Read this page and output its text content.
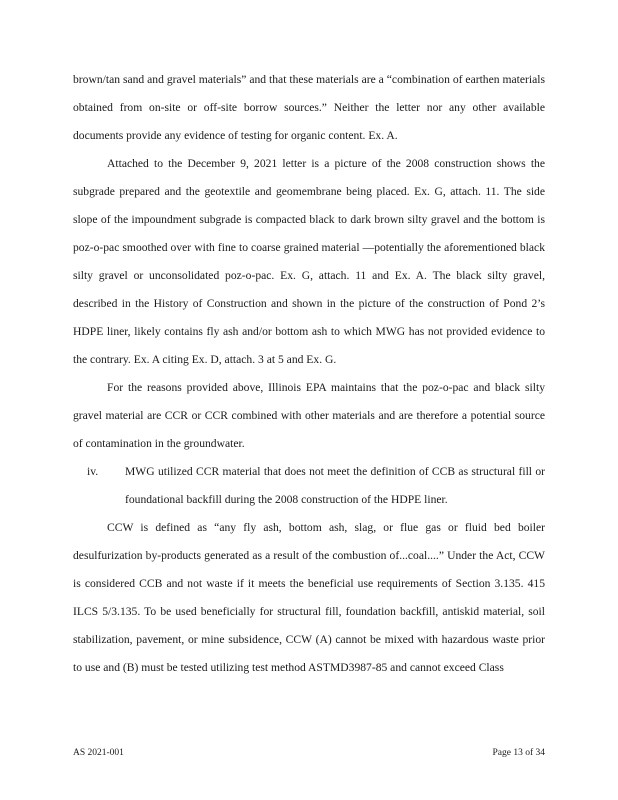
brown/tan sand and gravel materials” and that these materials are a “combination of earthen materials obtained from on-site or off-site borrow sources.” Neither the letter nor any other available documents provide any evidence of testing for organic content. Ex. A.

Attached to the December 9, 2021 letter is a picture of the 2008 construction shows the subgrade prepared and the geotextile and geomembrane being placed. Ex. G, attach. 11. The side slope of the impoundment subgrade is compacted black to dark brown silty gravel and the bottom is poz-o-pac smoothed over with fine to coarse grained material —potentially the aforementioned black silty gravel or unconsolidated poz-o-pac. Ex. G, attach. 11 and Ex. A. The black silty gravel, described in the History of Construction and shown in the picture of the construction of Pond 2’s HDPE liner, likely contains fly ash and/or bottom ash to which MWG has not provided evidence to the contrary. Ex. A citing Ex. D, attach. 3 at 5 and Ex. G.

For the reasons provided above, Illinois EPA maintains that the poz-o-pac and black silty gravel material are CCR or CCR combined with other materials and are therefore a potential source of contamination in the groundwater.

iv.	MWG utilized CCR material that does not meet the definition of CCB as structural fill or foundational backfill during the 2008 construction of the HDPE liner.

CCW is defined as “any fly ash, bottom ash, slag, or flue gas or fluid bed boiler desulfurization by-products generated as a result of the combustion of...coal....” Under the Act, CCW is considered CCB and not waste if it meets the beneficial use requirements of Section 3.135. 415 ILCS 5/3.135. To be used beneficially for structural fill, foundation backfill, antiskid material, soil stabilization, pavement, or mine subsidence, CCW (A) cannot be mixed with hazardous waste prior to use and (B) must be tested utilizing test method ASTMD3987-85 and cannot exceed Class

AS 2021-001	Page 13 of 34
